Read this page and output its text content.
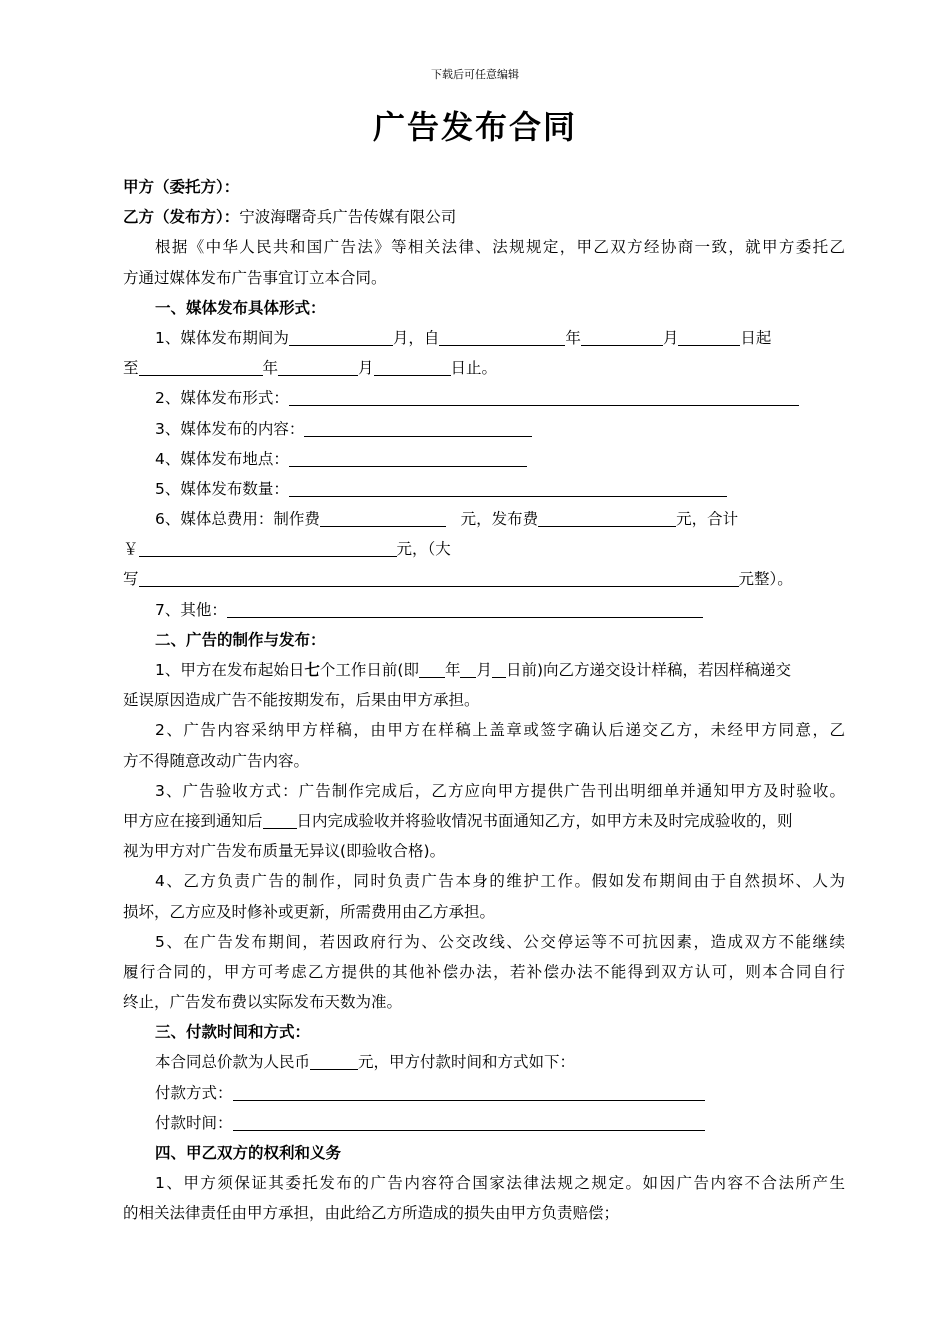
下载后可任意编辑
广告发布合同
甲方（委托方）：
乙方（发布方）：宁波海曙奇兵广告传媒有限公司
根据《中华人民共和国广告法》等相关法律、法规规定，甲乙双方经协商一致，就甲方委托乙
方通过媒体发布广告事宜订立本合同。
一、媒体发布具体形式：
1、媒体发布期间为	月，自	年	月	日起
至	年	月	日止。
2、媒体发布形式：
3、媒体发布的内容：
4、媒体发布地点：
5、媒体发布数量：
6、媒体总费用：制作费	元，发布费	元，合计
￥	元，（大
写	元整）。
7、其他：
二、广告的制作与发布：
1、甲方在发布起始日七个工作日前(即 年 月 日前)向乙方递交设计样稿，若因样稿递交
延误原因造成广告不能按期发布，后果由甲方承担。
2、广告内容采纳甲方样稿，由甲方在样稿上盖章或签字确认后递交乙方，未经甲方同意，乙
方不得随意改动广告内容。
3、广告验收方式：广告制作完成后，乙方应向甲方提供广告刊出明细单并通知甲方及时验收。
甲方应在接到通知后 日内完成验收并将验收情况书面通知乙方，如甲方未及时完成验收的，则
视为甲方对广告发布质量无异议(即验收合格)。
4、乙方负责广告的制作，同时负责广告本身的维护工作。假如发布期间由于自然损坏、人为
损坏，乙方应及时修补或更新，所需费用由乙方承担。
5、在广告发布期间，若因政府行为、公交改线、公交停运等不可抗因素，造成双方不能继续
履行合同的，甲方可考虑乙方提供的其他补偿办法，若补偿办法不能得到双方认可，则本合同自行
终止，广告发布费以实际发布天数为准。
三、付款时间和方式：
本合同总价款为人民币	元，甲方付款时间和方式如下：
付款方式：
付款时间：
四、甲乙双方的权利和义务
1、甲方须保证其委托发布的广告内容符合国家法律法规之规定。如因广告内容不合法所产生
的相关法律责任由甲方承担，由此给乙方所造成的损失由甲方负责赔偿；
